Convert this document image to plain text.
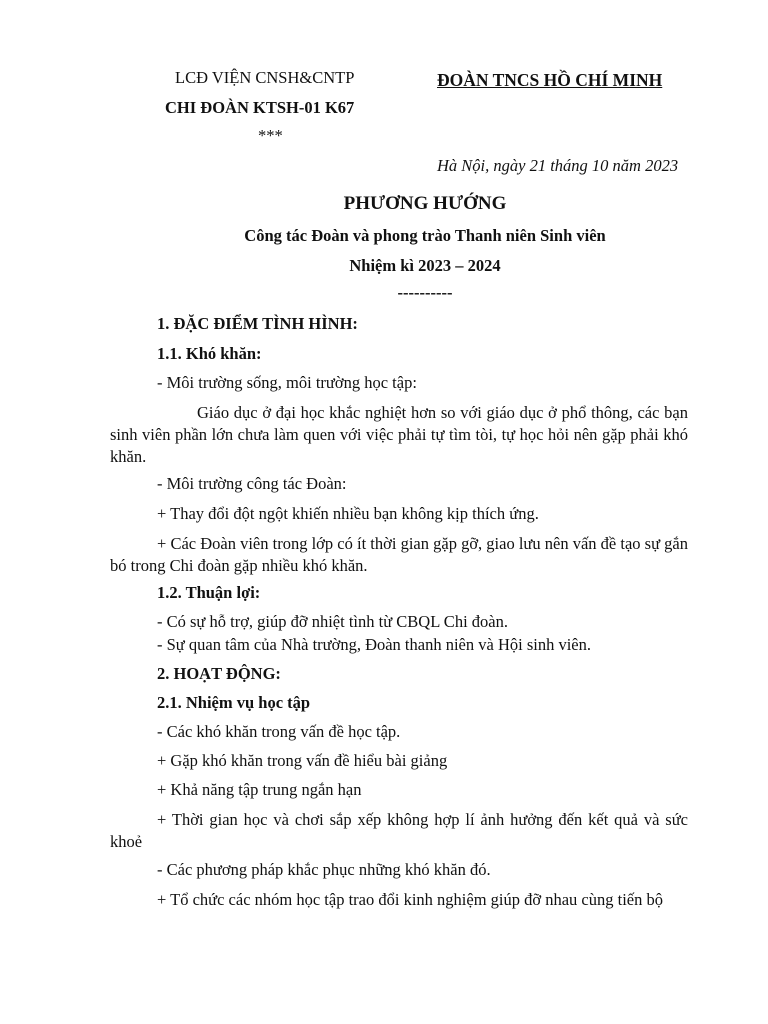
LCĐ VIỆN CNSH&CNTP
CHI ĐOÀN KTSH-01 K67
***
ĐOÀN TNCS HỒ CHÍ MINH
Hà Nội, ngày 21 tháng 10 năm 2023
PHƯƠNG HƯỚNG
Công tác Đoàn và phong trào Thanh niên Sinh viên
Nhiệm kì 2023 – 2024
----------
1. ĐẶC ĐIỂM TÌNH HÌNH:
1.1. Khó khăn:
- Môi trường sống, môi trường học tập:
Giáo dục ở đại học khắc nghiệt hơn so với giáo dục ở phổ thông, các bạn sinh viên phần lớn chưa làm quen với việc phải tự tìm tòi, tự học hỏi nên gặp phải khó khăn.
- Môi trường công tác Đoàn:
+ Thay đổi đột ngột khiến nhiều bạn không kịp thích ứng.
+ Các Đoàn viên trong lớp có ít thời gian gặp gỡ, giao lưu nên vấn đề tạo sự gắn bó trong Chi đoàn gặp nhiều khó khăn.
1.2. Thuận lợi:
- Có sự hỗ trợ, giúp đỡ nhiệt tình từ CBQL Chi đoàn.
- Sự quan tâm của Nhà trường, Đoàn thanh niên và Hội sinh viên.
2. HOẠT ĐỘNG:
2.1. Nhiệm vụ học tập
- Các khó khăn trong vấn đề học tập.
+ Gặp khó khăn trong vấn đề hiểu bài giảng
+ Khả năng tập trung ngắn hạn
+ Thời gian học và chơi sắp xếp không hợp lí ảnh hưởng đến kết quả và sức khoẻ
- Các phương pháp khắc phục những khó khăn đó.
+ Tổ chức các nhóm học tập trao đổi kinh nghiệm giúp đỡ nhau cùng tiến bộ
